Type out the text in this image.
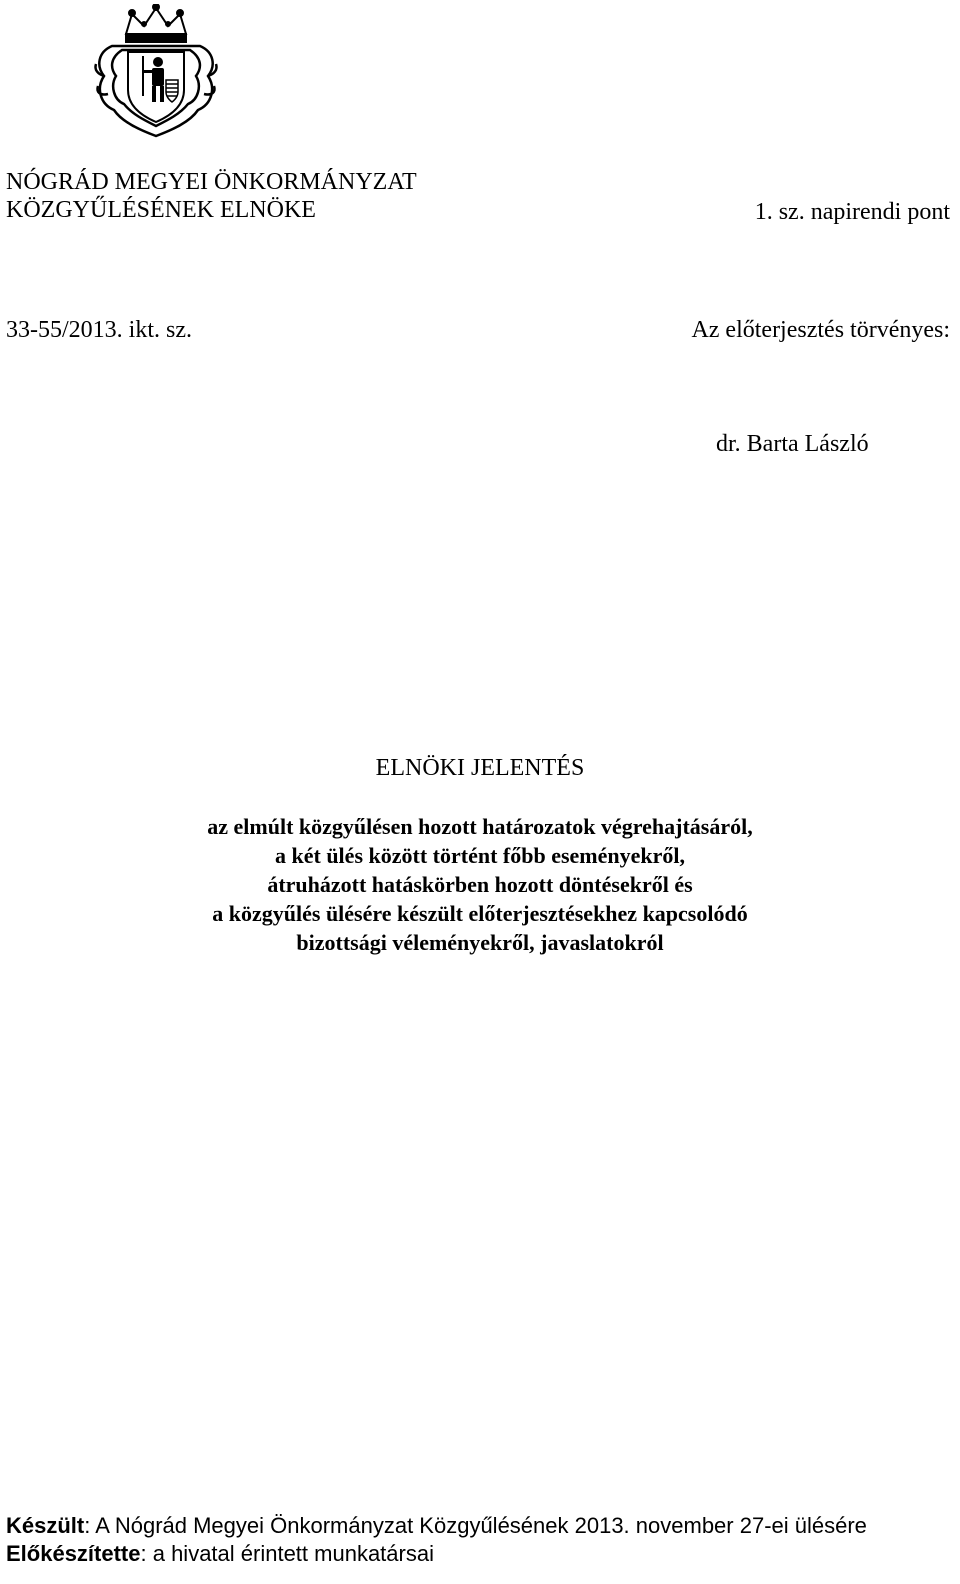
NÓGRÁD MEGYEI ÖNKORMÁNYZAT
KÖZGYŰLÉSÉNEK ELNÖKE	1. sz. napirendi pont
33-55/2013. ikt. sz.	Az előterjesztés törvényes:
dr. Barta László
ELNÖKI JELENTÉS
az elmúlt közgyűlésen hozott határozatok végrehajtásáról,
a két ülés között történt főbb eseményekről,
átruházott hatáskörben hozott döntésekről és
a közgyűlés ülésére készült előterjesztésekhez kapcsolódó
bizottsági véleményekről, javaslatokról
Készült: A Nógrád Megyei Önkormányzat Közgyűlésének 2013. november 27-ei ülésére
Előkészítette: a hivatal érintett munkatársai
